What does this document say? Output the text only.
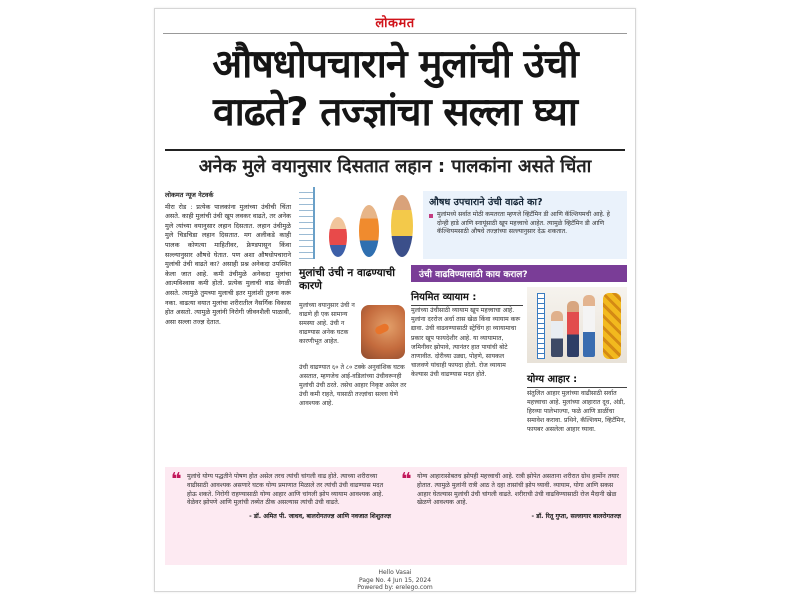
लोकमत
औषधोपचाराने मुलांची उंची
वाढते? तज्ज्ञांचा सल्ला घ्या
अनेक मुले वयानुसार दिसतात लहान : पालकांना असते चिंता
लोकमत न्यूज नेटवर्क
मीरा रोड : प्रत्येक पालकांना मुलांच्या उंचीची चिंता असते. काही मुलांची उंची खूप लवकर वाढते, तर अनेक मुले त्यांच्या वयानुसार लहान दिसतात. लहान उंचीमुळे मुले चिडचिडा लहान दिसतात. मग अलीकडे काही पालक कोणत्या माहितीवर, फ्रेण्डपासून किंवा सल्ल्यानुसार औषधे घेतात. पण अशा औषधोपचाराने मुलांची उंची वाढते का? असाही प्रश्न अनेकदा उपस्थित केला जात आहे. कमी उंचीमुळे अनेकदा मुलांचा आत्मविश्वास कमी होतो. प्रत्येक मुलाची वाढ वेगळी असते. त्यामुळे तुमच्या मुलाची इतर मुलांशी तुलना करू नका. वाढत्या वयात मुलांचा शरीरातील नैसर्गिक विकास होत असतो. त्यामुळे मुलांनी निरोगी जीवनशैली पाळावी, असा सल्ला तज्ज्ञ देतात.
औषध उपचाराने उंची वाढते का?

मुलांमध्ये सर्वात मोठी कमतरता म्हणजे व्हिटॅमिन डी आणि कॅल्शियमची आहे. हे दोन्ही हाडे आणि स्नायूंसाठी खूप महत्त्वाचे आहेत. त्यामुळे व्हिटॅमिन डी आणि कॅल्शियमसाठी औषधे तज्ज्ञांच्या सल्ल्यानुसार देऊ शकतात.

उंची वाढविण्यासाठी काय कराल?
मुलांची उंची न वाढण्याची कारणे
मुलांच्या वयानुसार उंची न वाढणे ही एक सामान्य समस्या आहे. उंची न वाढण्यास अनेक घटक कारणीभूत आहेत.
उंची वाढण्यात ६० ते ८० टक्के अनुवांशिक घटक असतात, म्हणजेच आई-वडिलांच्या उंचीवरूनही मुलांची उंची ठरते. तसेच आहार निकृष्ट असेल तर उंची कमी राहते, यासाठी तज्ज्ञांचा सल्ला घेणे आवश्यक आहे.
नियमित व्यायाम :
मुलांच्या उंचीसाठी व्यायाम खूप महत्त्वाचा आहे. मुलांना दररोज अर्धा तास खेळ किंवा व्यायाम करू द्यावा. उंची वाढवण्यासाठी स्ट्रेचिंग हा व्यायामाचा प्रकार खूप फायदेशीर आहे. या व्यायामात, जमिनीवर झोपावे, त्यानंतर हात पायांची बोटे ताणावीत. दोरीच्या उड्या, पोहणे, सायकल चालवणे यांचाही फायदा होतो. रोज व्यायाम केल्यास उंची वाढण्यास मदत होते.	योग्य आहार :
संतुलित आहार मुलांच्या वाढीसाठी सर्वात महत्त्वाचा आहे. मुलांच्या आहारात दूध, अंडी, हिरव्या पालेभाज्या, फळे आणि डाळींचा समावेश करावा. प्रथिने, कॅल्शियम, व्हिटॅमिन, फायबर असलेला आहार घ्यावा.
❝ मुलांचे योग्य पद्धतीने पोषण होत असेल तरच त्यांची चांगली वाढ होते. त्याच्या शरीराच्या वाढीसाठी आवश्यक असणारे घटक योग्य प्रमाणात मिळाले तर त्यांची उंची वाढण्यास मदत होऊ शकते. निरोगी राहण्यासाठी योग्य आहार आणि चांगली झोप व्यायाम आवश्यक आहे. वेळेवर झोपणे आणि मुलांची तब्येत ठीक असल्यास त्यांची उंची वाढते.
- डॉ. अमित पी. जाधव, बालरोगतज्ज्ञ आणि नवजात शिशुतज्ज्ञ
❝ योग्य आहारासोबतच झोपही महत्त्वाची आहे. रात्री झोपेत असताना शरीरात ग्रोथ हार्मोन तयार होतात. त्यामुळे मुलांनी रात्री आठ ते दहा तासांची झोप घ्यावी. व्यायाम, योगा आणि सकस आहार घेतल्यास मुलांची उंची चांगली वाढते. शरीराची उंची वाढविण्यासाठी रोज मैदानी खेळ खेळणे आवश्यक आहे.
- डॉ. रितू गुप्ता, सल्लागार बालरोगतज्ज्ञ
Hello Vasai
Page No. 4 Jun 15, 2024
Powered by: erelego.com
